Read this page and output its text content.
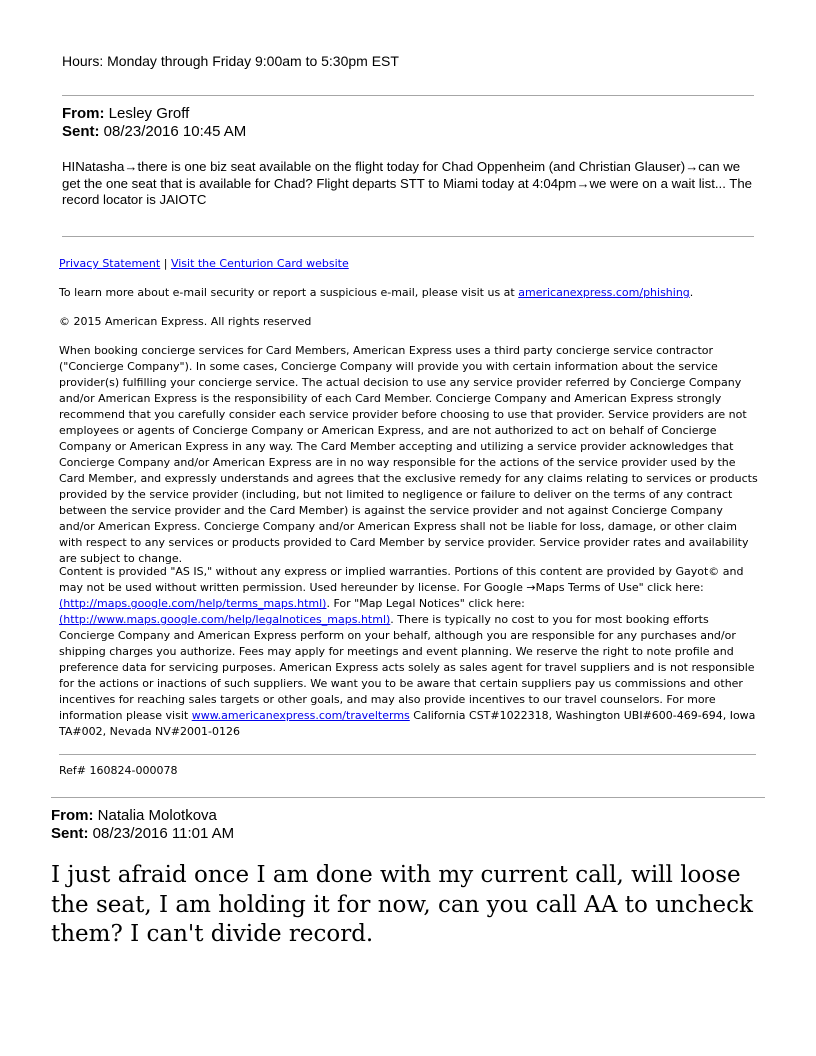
Hours: Monday through Friday 9:00am to 5:30pm EST
From: Lesley Groff
Sent: 08/23/2016 10:45 AM
HINatasha→there is one biz seat available on the flight today for Chad Oppenheim (and Christian Glauser)→can we get the one seat that is available for Chad? Flight departs STT to Miami today at 4:04pm→we were on a wait list... The record locator is JAIOTC
Privacy Statement | Visit the Centurion Card website
To learn more about e-mail security or report a suspicious e-mail, please visit us at americanexpress.com/phishing.
© 2015 American Express. All rights reserved
When booking concierge services for Card Members, American Express uses a third party concierge service contractor ("Concierge Company"). In some cases, Concierge Company will provide you with certain information about the service provider(s) fulfilling your concierge service. The actual decision to use any service provider referred by Concierge Company and/or American Express is the responsibility of each Card Member. Concierge Company and American Express strongly recommend that you carefully consider each service provider before choosing to use that provider. Service providers are not employees or agents of Concierge Company or American Express, and are not authorized to act on behalf of Concierge Company or American Express in any way. The Card Member accepting and utilizing a service provider acknowledges that Concierge Company and/or American Express are in no way responsible for the actions of the service provider used by the Card Member, and expressly understands and agrees that the exclusive remedy for any claims relating to services or products provided by the service provider (including, but not limited to negligence or failure to deliver on the terms of any contract between the service provider and the Card Member) is against the service provider and not against Concierge Company and/or American Express. Concierge Company and/or American Express shall not be liable for loss, damage, or other claim with respect to any services or products provided to Card Member by service provider. Service provider rates and availability are subject to change.
Content is provided "AS IS," without any express or implied warranties. Portions of this content are provided by Gayot© and may not be used without written permission. Used hereunder by license. For Google →Maps Terms of Use" click here: (http://maps.google.com/help/terms_maps.html). For "Map Legal Notices" click here: (http://www.maps.google.com/help/legalnotices_maps.html). There is typically no cost to you for most booking efforts Concierge Company and American Express perform on your behalf, although you are responsible for any purchases and/or shipping charges you authorize. Fees may apply for meetings and event planning. We reserve the right to note profile and preference data for servicing purposes. American Express acts solely as sales agent for travel suppliers and is not responsible for the actions or inactions of such suppliers. We want you to be aware that certain suppliers pay us commissions and other incentives for reaching sales targets or other goals, and may also provide incentives to our travel counselors. For more information please visit www.americanexpress.com/travelterms California CST#1022318, Washington UBI#600-469-694, Iowa TA#002, Nevada NV#2001-0126
Ref# 160824-000078
From: Natalia Molotkova
Sent: 08/23/2016 11:01 AM
I just afraid once I am done with my current call, will loose the seat, I am holding it for now, can you call AA to uncheck them? I can't divide record.
